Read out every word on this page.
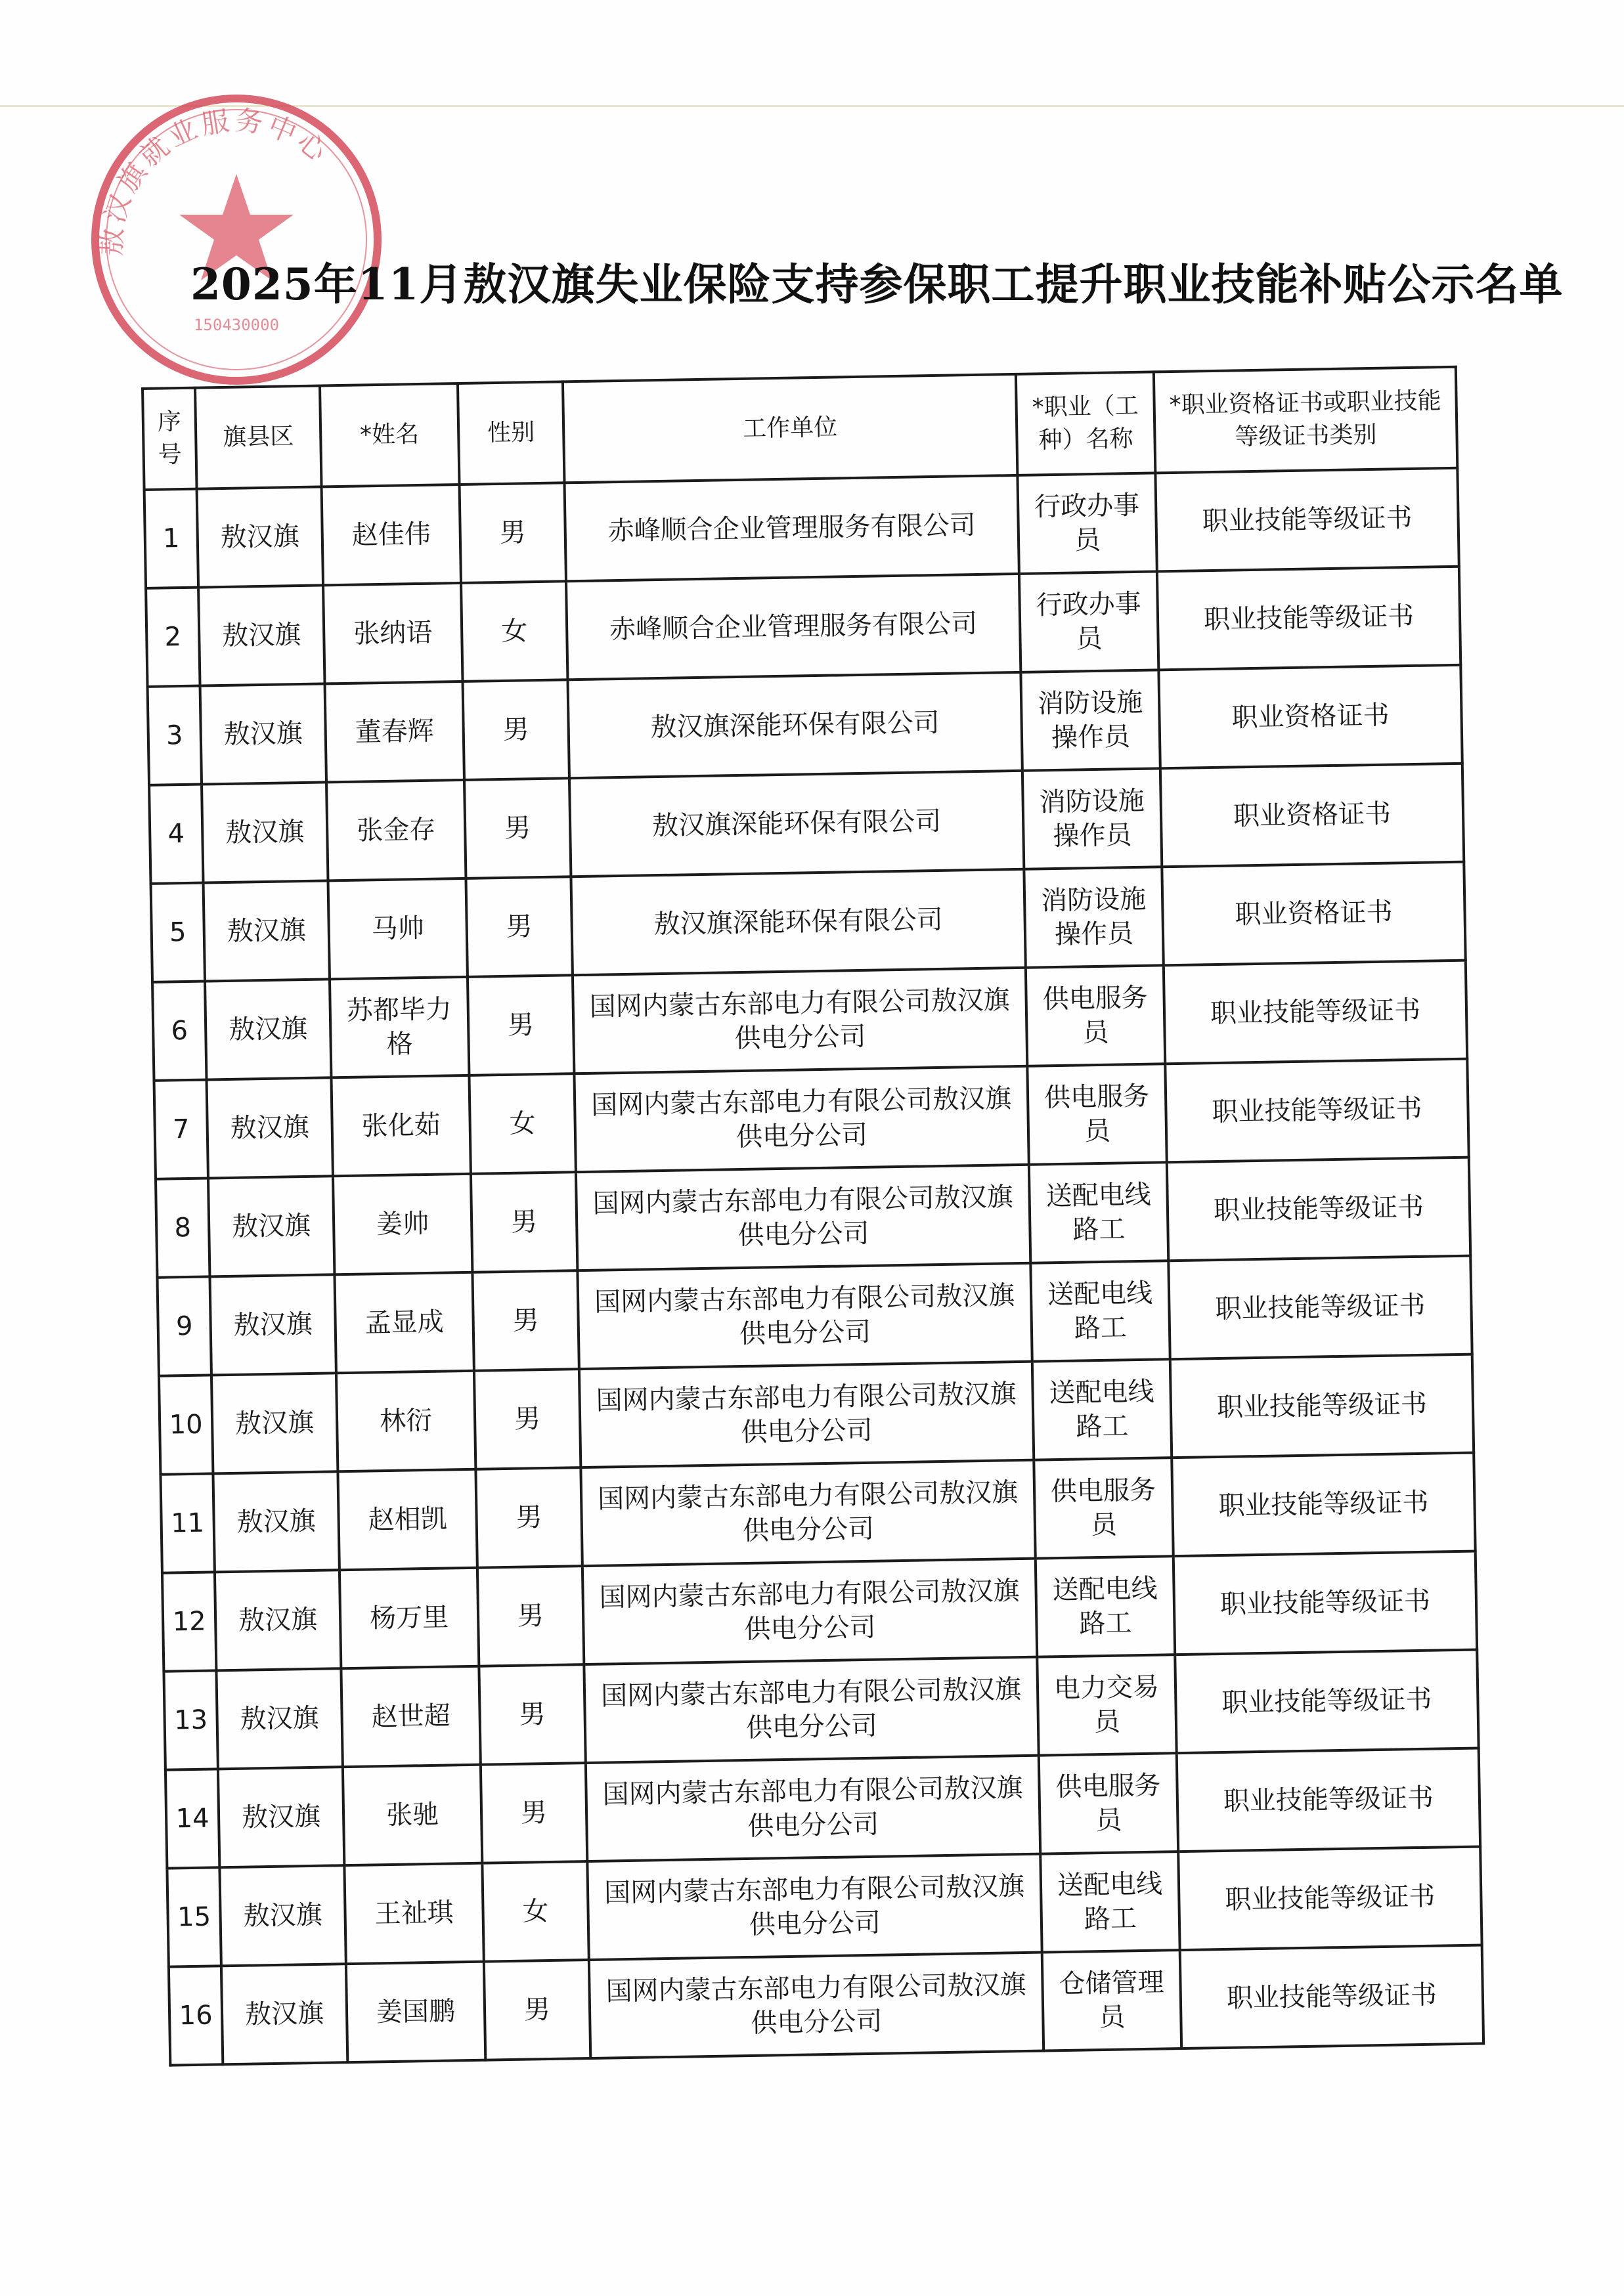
敖汉旗就业服务中心
150430000
2025年11月敖汉旗失业保险支持参保职工提升职业技能补贴公示名单
序号	旗县区	*姓名	性别	工作单位	*职业（工种）名称	*职业资格证书或职业技能等级证书类别

1	敖汉旗	赵佳伟	男	赤峰顺合企业管理服务有限公司	行政办事员	职业技能等级证书
2	敖汉旗	张纳语	女	赤峰顺合企业管理服务有限公司	行政办事员	职业技能等级证书
3	敖汉旗	董春辉	男	敖汉旗深能环保有限公司	消防设施操作员	职业资格证书
4	敖汉旗	张金存	男	敖汉旗深能环保有限公司	消防设施操作员	职业资格证书
5	敖汉旗	马帅	男	敖汉旗深能环保有限公司	消防设施操作员	职业资格证书
6	敖汉旗	苏都毕力格	男	国网内蒙古东部电力有限公司敖汉旗供电分公司	供电服务员	职业技能等级证书
7	敖汉旗	张化茹	女	国网内蒙古东部电力有限公司敖汉旗供电分公司	供电服务员	职业技能等级证书
8	敖汉旗	姜帅	男	国网内蒙古东部电力有限公司敖汉旗供电分公司	送配电线路工	职业技能等级证书
9	敖汉旗	孟显成	男	国网内蒙古东部电力有限公司敖汉旗供电分公司	送配电线路工	职业技能等级证书
10	敖汉旗	林衍	男	国网内蒙古东部电力有限公司敖汉旗供电分公司	送配电线路工	职业技能等级证书
11	敖汉旗	赵相凯	男	国网内蒙古东部电力有限公司敖汉旗供电分公司	供电服务员	职业技能等级证书
12	敖汉旗	杨万里	男	国网内蒙古东部电力有限公司敖汉旗供电分公司	送配电线路工	职业技能等级证书
13	敖汉旗	赵世超	男	国网内蒙古东部电力有限公司敖汉旗供电分公司	电力交易员	职业技能等级证书
14	敖汉旗	张驰	男	国网内蒙古东部电力有限公司敖汉旗供电分公司	供电服务员	职业技能等级证书
15	敖汉旗	王祉琪	女	国网内蒙古东部电力有限公司敖汉旗供电分公司	送配电线路工	职业技能等级证书
16	敖汉旗	姜国鹏	男	国网内蒙古东部电力有限公司敖汉旗供电分公司	仓储管理员	职业技能等级证书
